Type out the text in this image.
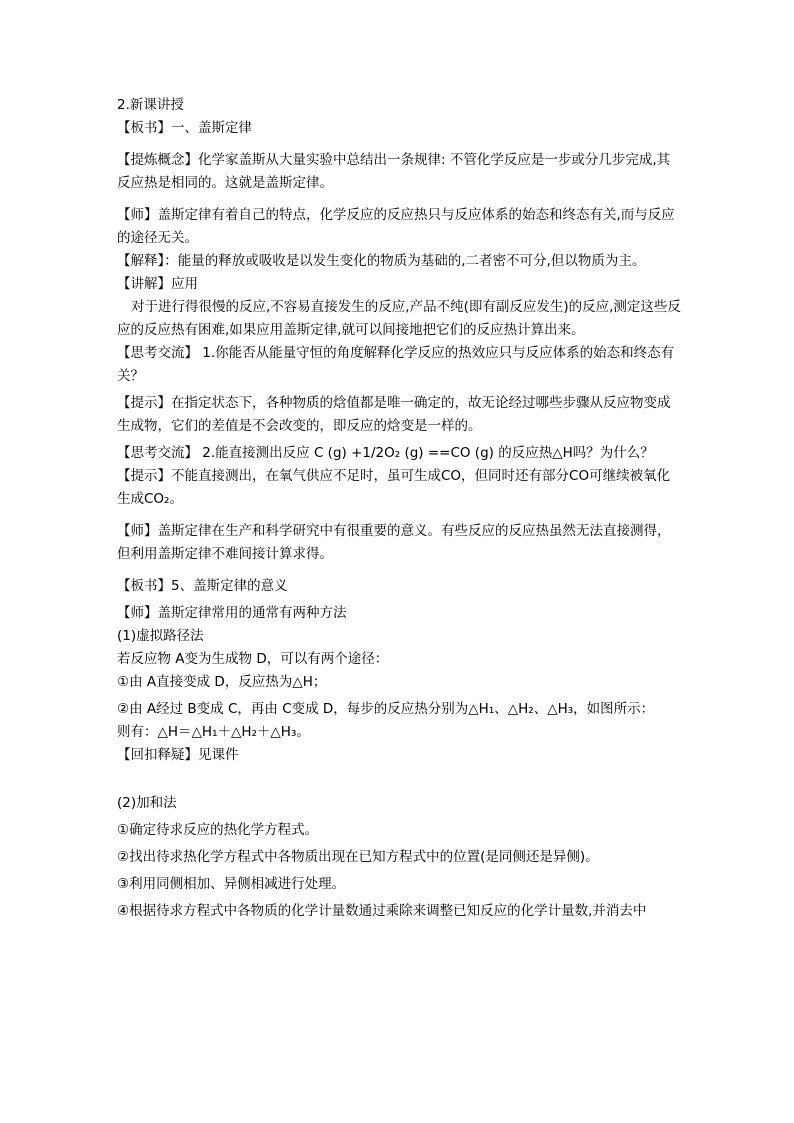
2.新课讲授

【板书】一、盖斯定律

【提炼概念】化学家盖斯从大量实验中总结出一条规律: 不管化学反应是一步或分几步完成,其反应热是相同的。这就是盖斯定律。

【师】盖斯定律有着自己的特点，化学反应的反应热只与反应体系的始态和终态有关,而与反应的途径无关。

【解释】：能量的释放或吸收是以发生变化的物质为基础的,二者密不可分,但以物质为主。

【讲解】应用

对于进行得很慢的反应,不容易直接发生的反应,产品不纯(即有副反应发生)的反应,测定这些反应的反应热有困难,如果应用盖斯定律,就可以间接地把它们的反应热计算出来。

【思考交流】 1.你能否从能量守恒的角度解释化学反应的热效应只与反应体系的始态和终态有关？

【提示】在指定状态下，各种物质的焓值都是唯一确定的，故无论经过哪些步骤从反应物变成生成物，它们的差值是不会改变的，即反应的焓变是一样的。

【思考交流】 2.能直接测出反应 C (g) +1/2O₂ (g) ==CO (g) 的反应热△H吗？为什么？

【提示】不能直接测出，在氧气供应不足时，虽可生成CO，但同时还有部分CO可继续被氧化生成CO₂。

【师】盖斯定律在生产和科学研究中有很重要的意义。有些反应的反应热虽然无法直接测得，但利用盖斯定律不难间接计算求得。

【板书】5、盖斯定律的意义

【师】盖斯定律常用的通常有两种方法

(1)虚拟路径法

若反应物 A变为生成物 D，可以有两个途径：

①由 A直接变成 D，反应热为△H；

②由 A经过 B变成 C，再由 C变成 D，每步的反应热分别为△H₁、△H₂、△H₃，如图所示：

则有：△H＝△H₁＋△H₂＋△H₃。

【回扣释疑】见课件

(2)加和法

①确定待求反应的热化学方程式。

②找出待求热化学方程式中各物质出现在已知方程式中的位置(是同侧还是异侧)。

③利用同侧相加、异侧相减进行处理。

④根据待求方程式中各物质的化学计量数通过乘除来调整已知反应的化学计量数,并消去中
